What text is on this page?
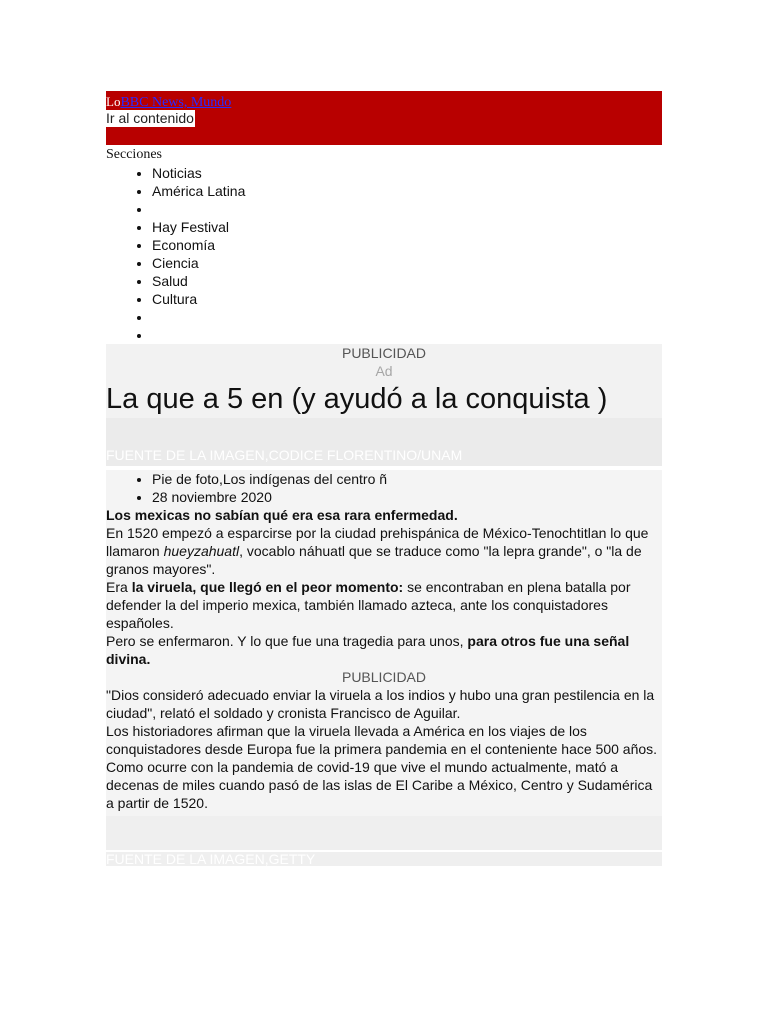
LoBBC News, Mundo
Ir al contenido
Secciones
• Noticias
• América Latina
•
• Hay Festival
• Economía
• Ciencia
• Salud
• Cultura
•
•
PUBLICIDAD
Ad
La que a 5 en (y ayudó a la conquista )
FUENTE DE LA IMAGEN,CODICE FLORENTINO/UNAM
• Pie de foto,Los indígenas del centro ñ
• 28 noviembre 2020

Los mexicas no sabían qué era esa rara enfermedad.

En 1520 empezó a esparcirse por la ciudad prehispánica de México-Tenochtitlan lo que llamaron hueyzahuatl, vocablo náhuatl que se traduce como "la lepra grande", o "la de granos mayores".

Era la viruela, que llegó en el peor momento: se encontraban en plena batalla por defender la del imperio mexica, también llamado azteca, ante los conquistadores españoles.

Pero se enfermaron. Y lo que fue una tragedia para unos, para otros fue una señal divina.

PUBLICIDAD

"Dios consideró adecuado enviar la viruela a los indios y hubo una gran pestilencia en la ciudad", relató el soldado y cronista Francisco de Aguilar.

Los historiadores afirman que la viruela llevada a América en los viajes de los conquistadores desde Europa fue la primera pandemia en el conteniente hace 500 años.

Como ocurre con la pandemia de covid-19 que vive el mundo actualmente, mató a decenas de miles cuando pasó de las islas de El Caribe a México, Centro y Sudamérica a partir de 1520.

FUENTE DE LA IMAGEN,GETTY
